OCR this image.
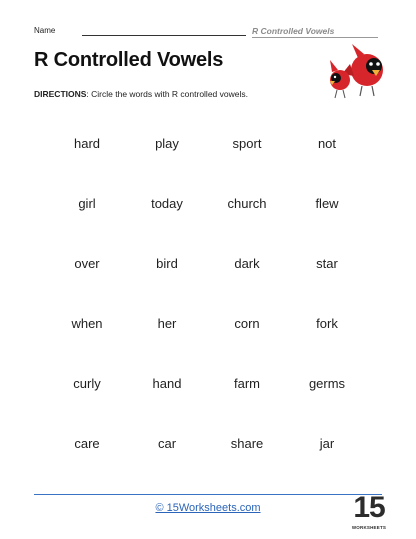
Name	R Controlled Vowels
R Controlled Vowels

DIRECTIONS: Circle the words with R controlled vowels.

hard	play	sport	not
girl	today	church	flew
over	bird	dark	star
when	her	corn	fork
curly	hand	farm	germs
care	car	share	jar
© 15Worksheets.com	15
WORKSHEETS
